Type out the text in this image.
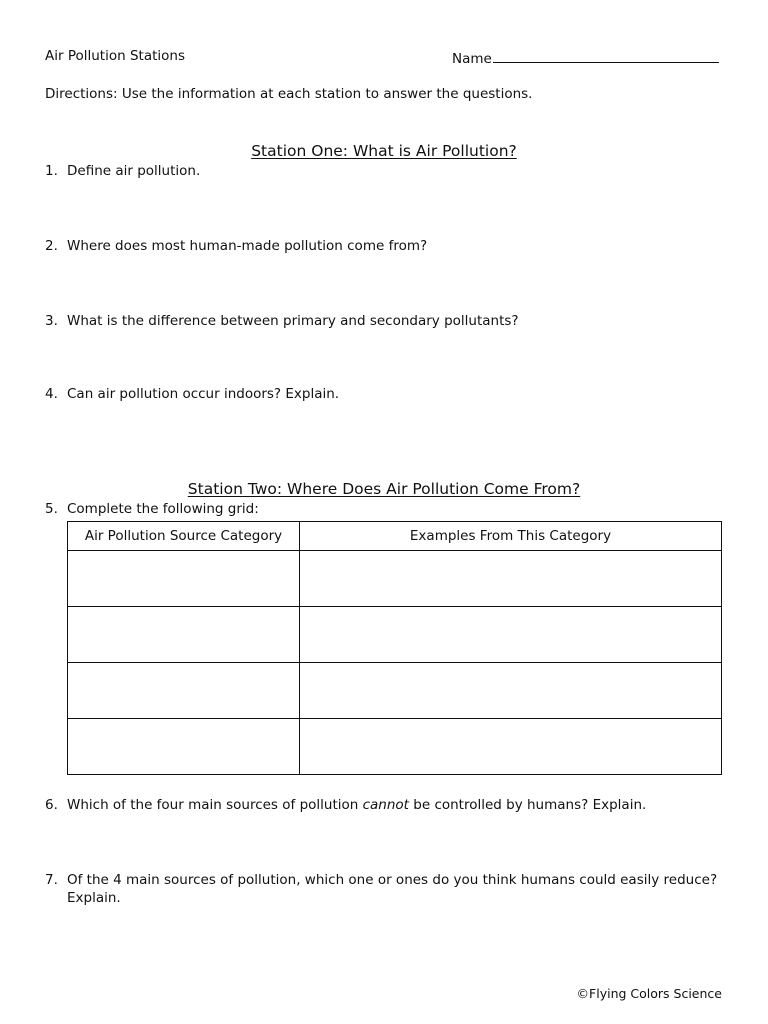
Air Pollution Stations	Name
Directions: Use the information at each station to answer the questions.
Station One: What is Air Pollution?
1. Define air pollution.
2. Where does most human-made pollution come from?
3. What is the difference between primary and secondary pollutants?
4. Can air pollution occur indoors? Explain.
Station Two: Where Does Air Pollution Come From?
5. Complete the following grid:
Air Pollution Source Category	Examples From This Category

6. Which of the four main sources of pollution cannot be controlled by humans? Explain.
7. Of the 4 main sources of pollution, which one or ones do you think humans could easily reduce?
Explain.
©Flying Colors Science
